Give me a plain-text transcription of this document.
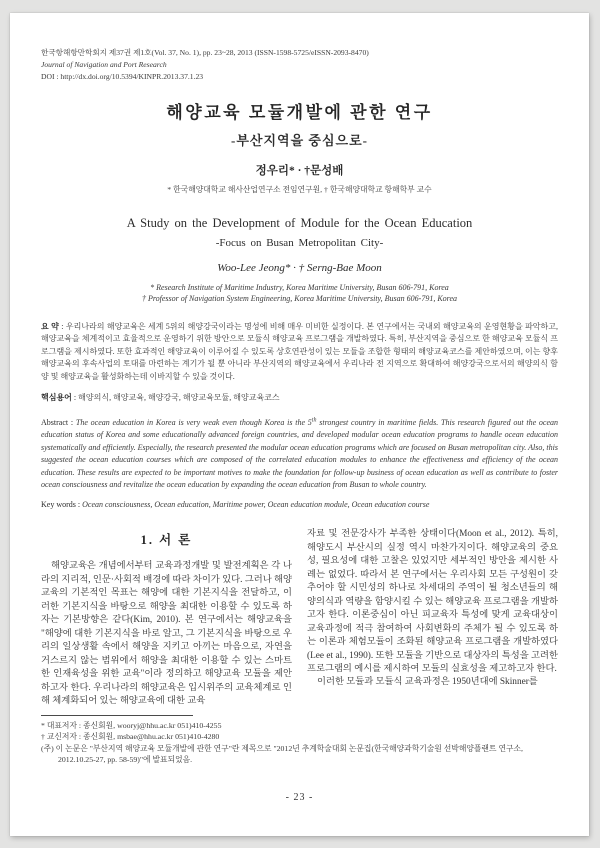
한국항해항만학회지 제37권 제1호(Vol. 37, No. 1), pp. 23~28, 2013 (ISSN-1598-5725/eISSN-2093-8470)
Journal of Navigation and Port Research
DOI : http://dx.doi.org/10.5394/KINPR.2013.37.1.23
해양교육 모듈개발에 관한 연구
-부산지역을 중심으로-
정우리* · †문성배
* 한국해양대학교 해사산업연구소 전임연구원, † 한국해양대학교 항해학부 교수
A Study on the Development of Module for the Ocean Education
-Focus on Busan Metropolitan City-
Woo-Lee Jeong* · † Serng-Bae Moon
* Research Institute of Maritime Industry, Korea Maritime University, Busan 606-791, Korea
† Professor of Navigation System Engineering, Korea Maritime University, Busan 606-791, Korea
요 약 : 우리나라의 해양교육은 세계 5위의 해양강국이라는 명성에 비해 매우 미비한 실정이다. 본 연구에서는 국내외 해양교육의 운영현황을 파악하고, 해양교육을 체계적이고 효율적으로 운영하기 위한 방안으로 모듈식 해양교육 프로그램을 개발하였다. 특히, 부산지역을 중심으로 한 해양교육 모듈식 프로그램을 제시하였다. 또한 효과적인 해양교육이 이루어질 수 있도록 상호연관성이 있는 모듈을 조합한 형태의 해양교육코스를 제안하였으며, 이는 향후 해양교육의 후속사업의 토대를 마련하는 계기가 될 뿐 아니라 부산지역의 해양교육에서 우리나라 전 지역으로 확대하여 해양강국으로서의 해양의식 함양 및 해양교육을 활성화하는데 이바지할 수 있을 것이다.
핵심용어 : 해양의식, 해양교육, 해양강국, 해양교육모듈, 해양교육코스
Abstract : The ocean education in Korea is very weak even though Korea is the 5th strongest country in maritime fields. This research figured out the ocean education status of Korea and some educationally advanced foreign countries, and developed modular ocean education programs to handle ocean education systematically and efficiently. Especially, the research presented the modular ocean education programs which are focused on Busan metropolitan city. Also, this suggested the ocean education courses which are composed of the correlated education modules to enhance the effectiveness and efficiency of the ocean education. These results are expected to be important motives to make the foundation for follow-up business of ocean education as well as contribute to foster ocean consciousness and revitalize the ocean education by expanding the ocean education from Busan to whole country.
Key words : Ocean consciousness, Ocean education, Maritime power, Ocean education module, Ocean education course
1. 서 론

해양교육은 개념에서부터 교육과정개발 및 발전계획은 각 나라의 지리적, 인문·사회적 배경에 따라 차이가 있다. 그러나 해양교육의 기본적인 목표는 해양에 대한 기본지식을 전달하고, 이러한 기본지식을 바탕으로 해양을 최대한 이용할 수 있도록 하자는 기본방향은 같다(Kim, 2010). 본 연구에서는 해양교육을 "해양에 대한 기본지식을 바로 알고, 그 기본지식을 바탕으로 우리의 일상생활 속에서 해양을 지키고 아끼는 마음으로, 자연을 거스르지 않는 범위에서 해양을 최대한 이용할 수 있는 스마트한 인재육성을 위한 교육"이라 정의하고 해양교육 모듈을 제안하고자 한다. 우리나라의 해양교육은 입시위주의 교육체계로 인해 체계화되어 있는 해양교육에 대한 교육

자료 및 전문강사가 부족한 상태이다(Moon et al., 2012). 특히, 해양도시 부산시의 실정 역시 마찬가지이다. 해양교육의 중요성, 필요성에 대한 고찰은 있었지만 세부적인 방안을 제시한 사례는 없었다. 따라서 본 연구에서는 우리사회 모든 구성원이 갖추어야 할 시민성의 하나로 차세대의 주역이 될 청소년들의 해양의식과 역량을 함양시킬 수 있는 해양교육 프로그램을 개발하고자 한다. 이론중심이 아닌 피교육자 특성에 맞게 교육대상이 교육과정에 적극 참여하여 사회변화의 주체가 될 수 있도록 하는 이론과 체험모듈이 조화된 해양교육 프로그램을 개발하였다(Lee et al., 1990). 또한 모듈을 기반으로 대상자의 특성을 고려한 프로그램의 예시를 제시하여 모듈의 실효성을 제고하고자 한다.

이러한 모듈과 모듈식 교육과정은 1950년대에 Skinner를

* 대표저자 : 종신회원, wooryj@hhu.ac.kr 051)410-4255
† 교신저자 : 종신회원, msbae@hhu.ac.kr 051)410-4280
(주) 이 논문은 "부산지역 해양교육 모듈개발에 관한 연구"란 제목으로 "2012년 추계학술대회 논문집(한국해양과학기술원 선박해양플랜트 연구소, 2012.10.25-27, pp. 58-59)"에 발표되었음.
- 23 -
